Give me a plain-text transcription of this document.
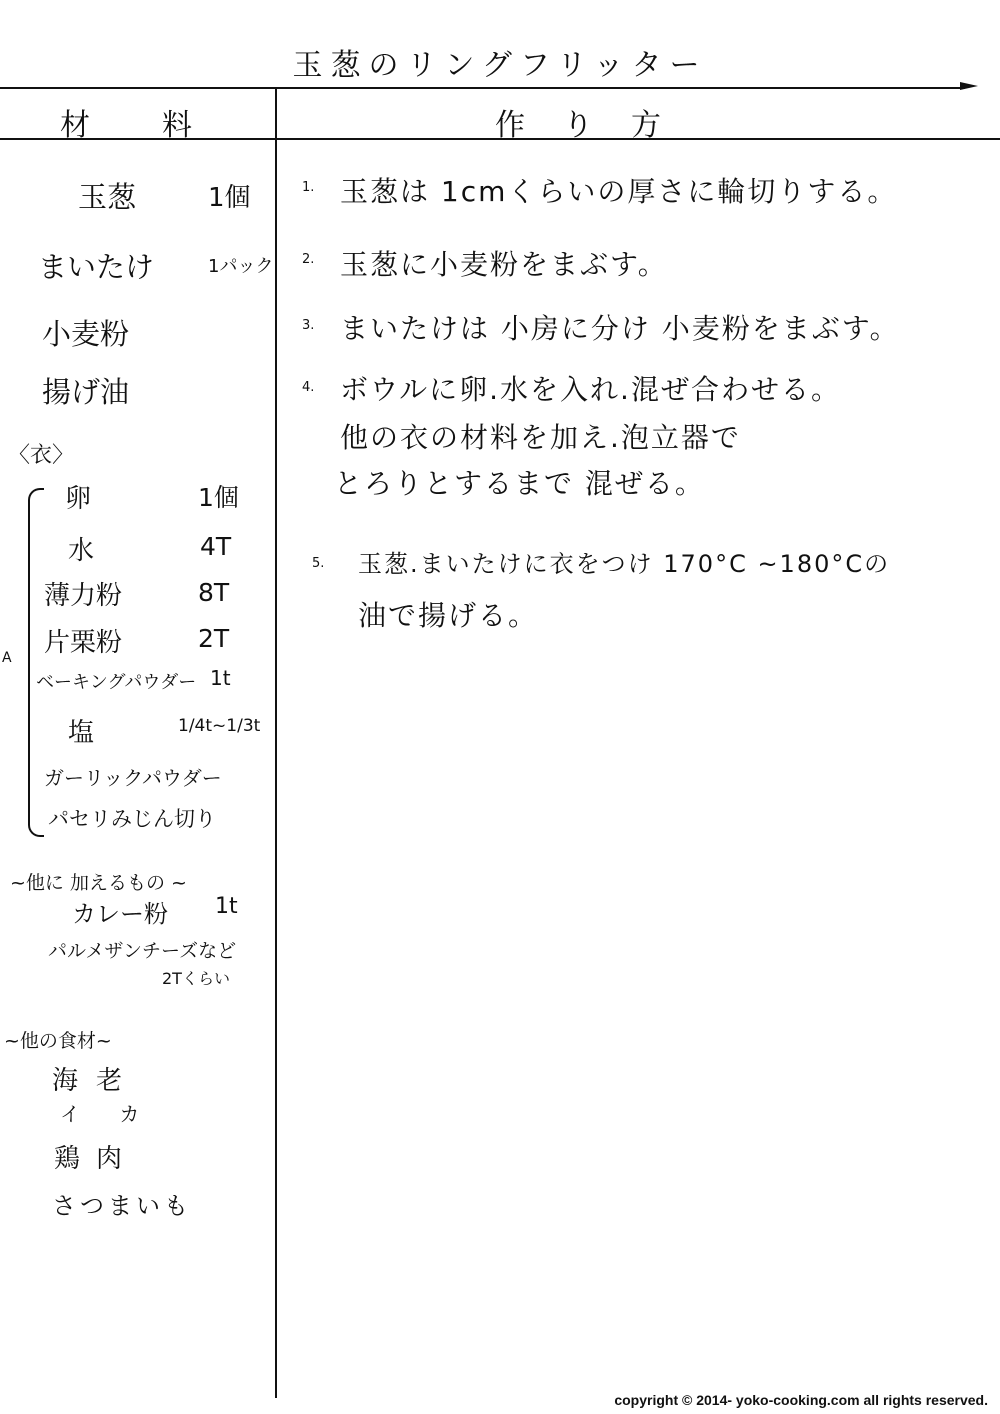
玉葱のリングフリッター
材　　料	作　り　方
玉葱	1個
まいたけ	1パック
小麦粉
揚げ油
〈衣〉
A
卵	1個
水	4T
薄力粉	8T
片栗粉	2T
ベーキングパウダー 1t
塩	1/4t~1/3t
ガーリックパウダー
パセリみじん切り
~他に 加えるもの ~
カレー粉 1t
パルメザンチーズなど
2Tくらい
~他の食材~
海老
イカ
鶏肉
さつまいも
1. 玉葱は 1cmくらいの厚さに輪切りする。
2. 玉葱に小麦粉をまぶす。
3. まいたけは 小房に分け 小麦粉をまぶす。
4. ボウルに卵.水を入れ.混ぜ合わせる。
他の衣の材料を加え.泡立器で
とろりとするまで 混ぜる。
5. 玉葱.まいたけに衣をつけ 170°C ~180°Cの
油で揚げる。
copyright © 2014- yoko-cooking.com all rights reserved.
